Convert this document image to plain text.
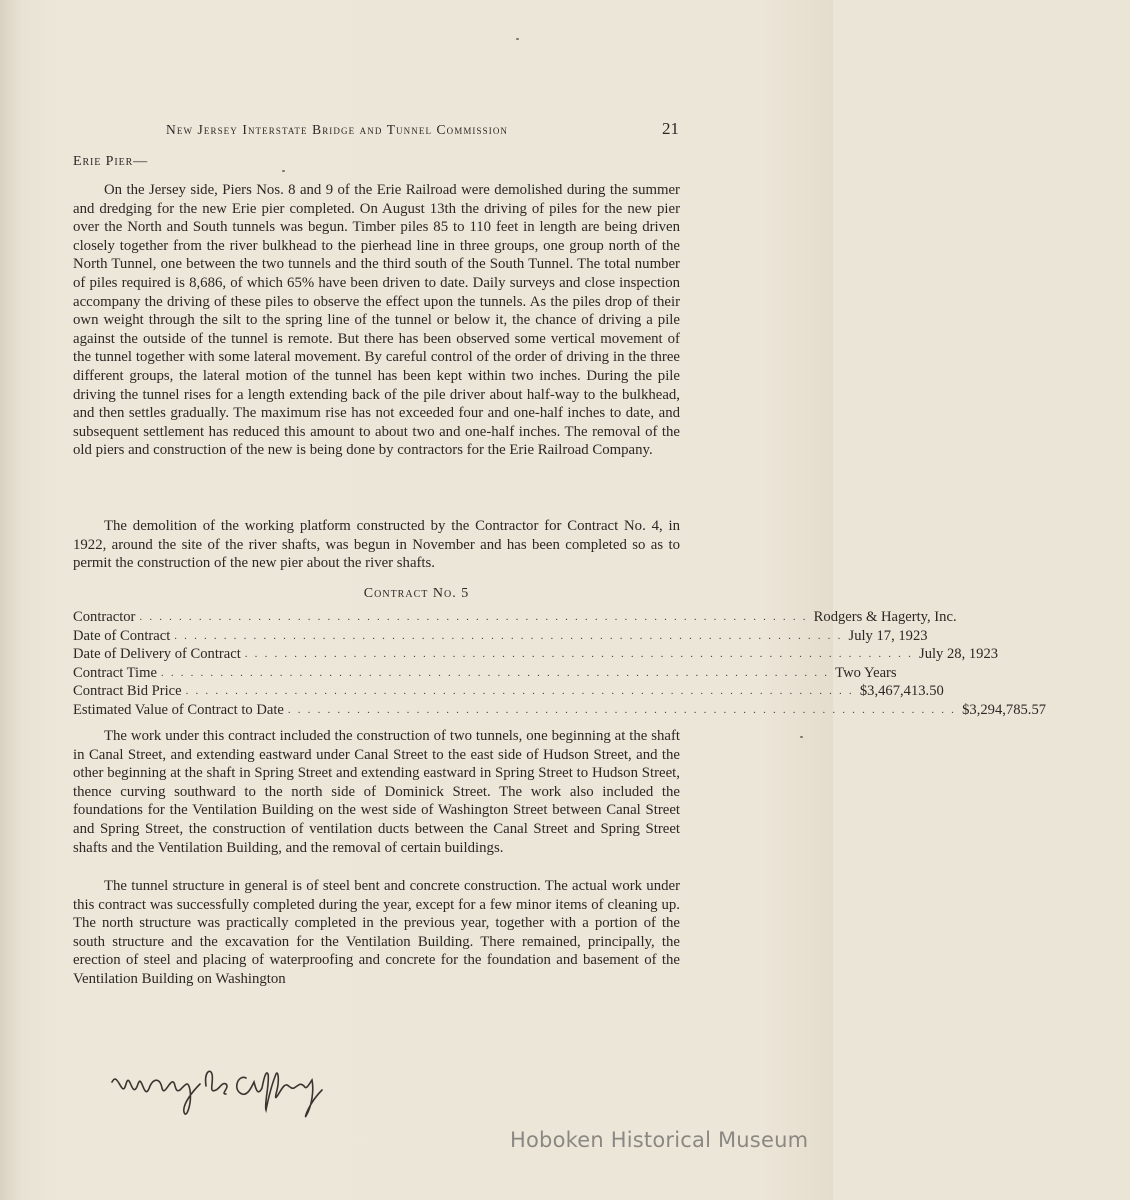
New Jersey Interstate Bridge and Tunnel Commission	21
Erie Pier—

On the Jersey side, Piers Nos. 8 and 9 of the Erie Railroad were demolished during the summer and dredging for the new Erie pier completed. On August 13th the driving of piles for the new pier over the North and South tunnels was begun. Timber piles 85 to 110 feet in length are being driven closely together from the river bulkhead to the pierhead line in three groups, one group north of the North Tunnel, one between the two tunnels and the third south of the South Tunnel. The total number of piles required is 8,686, of which 65% have been driven to date. Daily surveys and close inspection accompany the driving of these piles to observe the effect upon the tunnels. As the piles drop of their own weight through the silt to the spring line of the tunnel or below it, the chance of driving a pile against the outside of the tunnel is remote. But there has been observed some vertical movement of the tunnel together with some lateral movement. By careful control of the order of driving in the three different groups, the lateral motion of the tunnel has been kept within two inches. During the pile driving the tunnel rises for a length extending back of the pile driver about half-way to the bulkhead, and then settles gradually. The maximum rise has not exceeded four and one-half inches to date, and subsequent settlement has reduced this amount to about two and one-half inches. The removal of the old piers and construction of the new is being done by contractors for the Erie Railroad Company.

The demolition of the working platform constructed by the Contractor for Contract No. 4, in 1922, around the site of the river shafts, was begun in November and has been completed so as to permit the construction of the new pier about the river shafts.

Contract No. 5
Contractor . . . . . . . . . . . . . . . . . . . . . . . . . . . . . . . . . . . . . . . . . . . . . . . . . . . . . . . . . . . . . . . . . . . . Rodgers & Hagerty, Inc.
Date of Contract . . . . . . . . . . . . . . . . . . . . . . . . . . . . . . . . . . . . . . . . . . . . . . . . . . . . . . . . . . . . . . . . . . . . July 17, 1923
Date of Delivery of Contract . . . . . . . . . . . . . . . . . . . . . . . . . . . . . . . . . . . . . . . . . . . . . . . . . . . . . . . . . . . . . . . . . . . . July 28, 1923
Contract Time . . . . . . . . . . . . . . . . . . . . . . . . . . . . . . . . . . . . . . . . . . . . . . . . . . . . . . . . . . . . . . . . . . . . Two Years
Contract Bid Price . . . . . . . . . . . . . . . . . . . . . . . . . . . . . . . . . . . . . . . . . . . . . . . . . . . . . . . . . . . . . . . . . . . . $3,467,413.50
Estimated Value of Contract to Date . . . . . . . . . . . . . . . . . . . . . . . . . . . . . . . . . . . . . . . . . . . . . . . . . . . . . . . . . . . . . . . . . . . . $3,294,785.57

The work under this contract included the construction of two tunnels, one beginning at the shaft in Canal Street, and extending eastward under Canal Street to the east side of Hudson Street, and the other beginning at the shaft in Spring Street and extending eastward in Spring Street to Hudson Street, thence curving southward to the north side of Dominick Street. The work also included the foundations for the Ventilation Building on the west side of Washington Street between Canal Street and Spring Street, the construction of ventilation ducts between the Canal Street and Spring Street shafts and the Ventilation Building, and the removal of certain buildings.

The tunnel structure in general is of steel bent and concrete construction. The actual work under this contract was successfully completed during the year, except for a few minor items of cleaning up. The north structure was practically completed in the previous year, together with a portion of the south structure and the excavation for the Ventilation Building. There remained, principally, the erection of steel and placing of waterproofing and concrete for the foundation and basement of the Ventilation Building on Washington

Hoboken Historical Museum
